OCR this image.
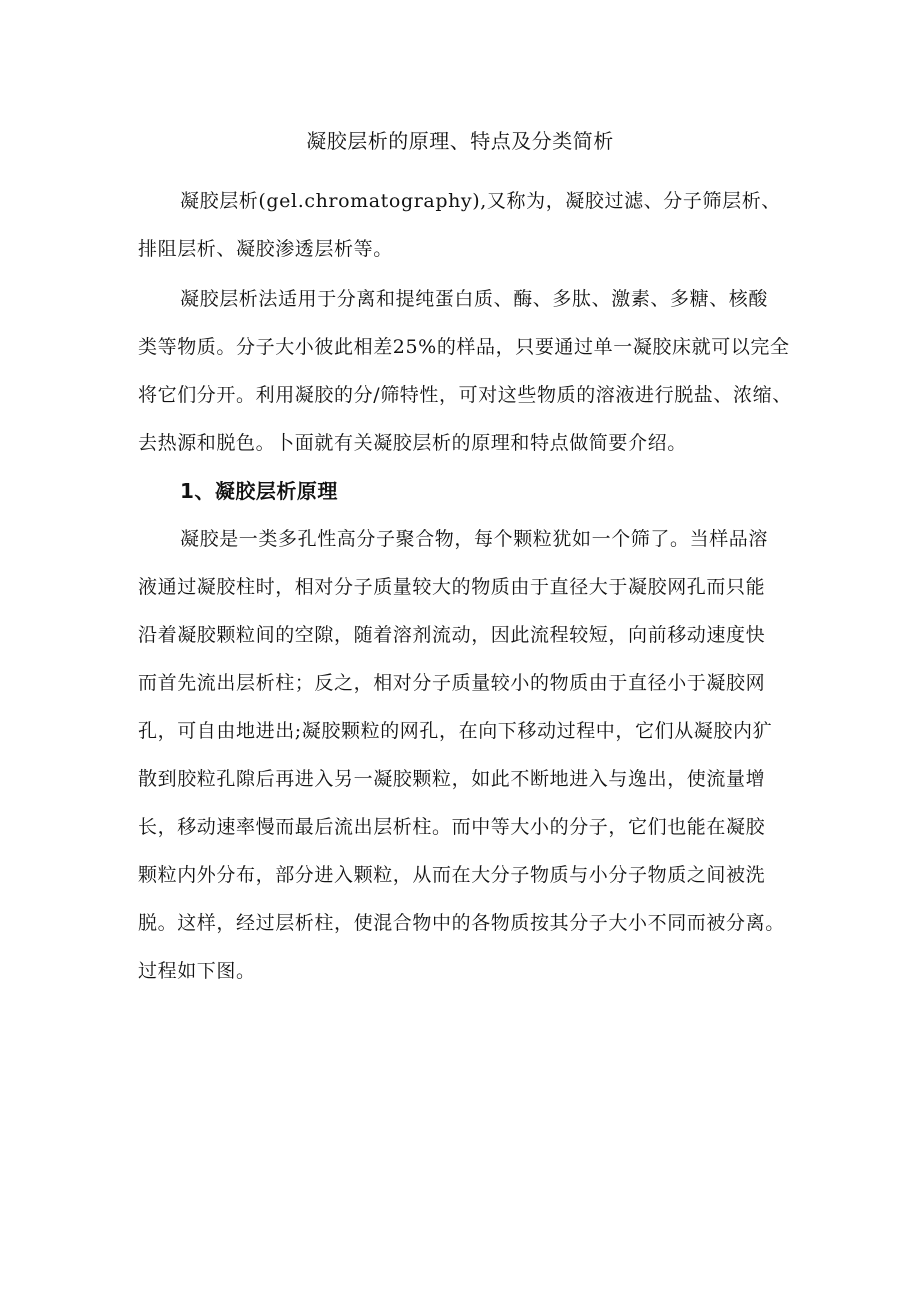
凝胶层析的原理、特点及分类简析

凝胶层析(gel.chromatography),又称为，凝胶过滤、分子筛层析、

排阻层析、凝胶渗透层析等。

凝胶层析法适用于分离和提纯蛋白质、酶、多肽、激素、多糖、核酸

类等物质。分子大小彼此相差25%的样品，只要通过单一凝胶床就可以完全

将它们分开。利用凝胶的分/筛特性，可对这些物质的溶液进行脱盐、浓缩、

去热源和脱色。卜面就有关凝胶层析的原理和特点做简要介绍。

1、凝胶层析原理

凝胶是一类多孔性高分子聚合物，每个颗粒犹如一个筛了。当样品溶

液通过凝胶柱时，相对分子质量较大的物质由于直径大于凝胶网孔而只能

沿着凝胶颗粒间的空隙，随着溶剂流动，因此流程较短，向前移动速度快

而首先流出层析柱；反之，相对分子质量较小的物质由于直径小于凝胶网

孔，可自由地进出;凝胶颗粒的网孔，在向下移动过程中，它们从凝胶内犷

散到胶粒孔隙后再进入另一凝胶颗粒，如此不断地进入与逸出，使流量增

长，移动速率慢而最后流出层析柱。而中等大小的分子，它们也能在凝胶

颗粒内外分布，部分进入颗粒，从而在大分子物质与小分子物质之间被洗

脱。这样，经过层析柱，使混合物中的各物质按其分子大小不同而被分离。

过程如下图。
